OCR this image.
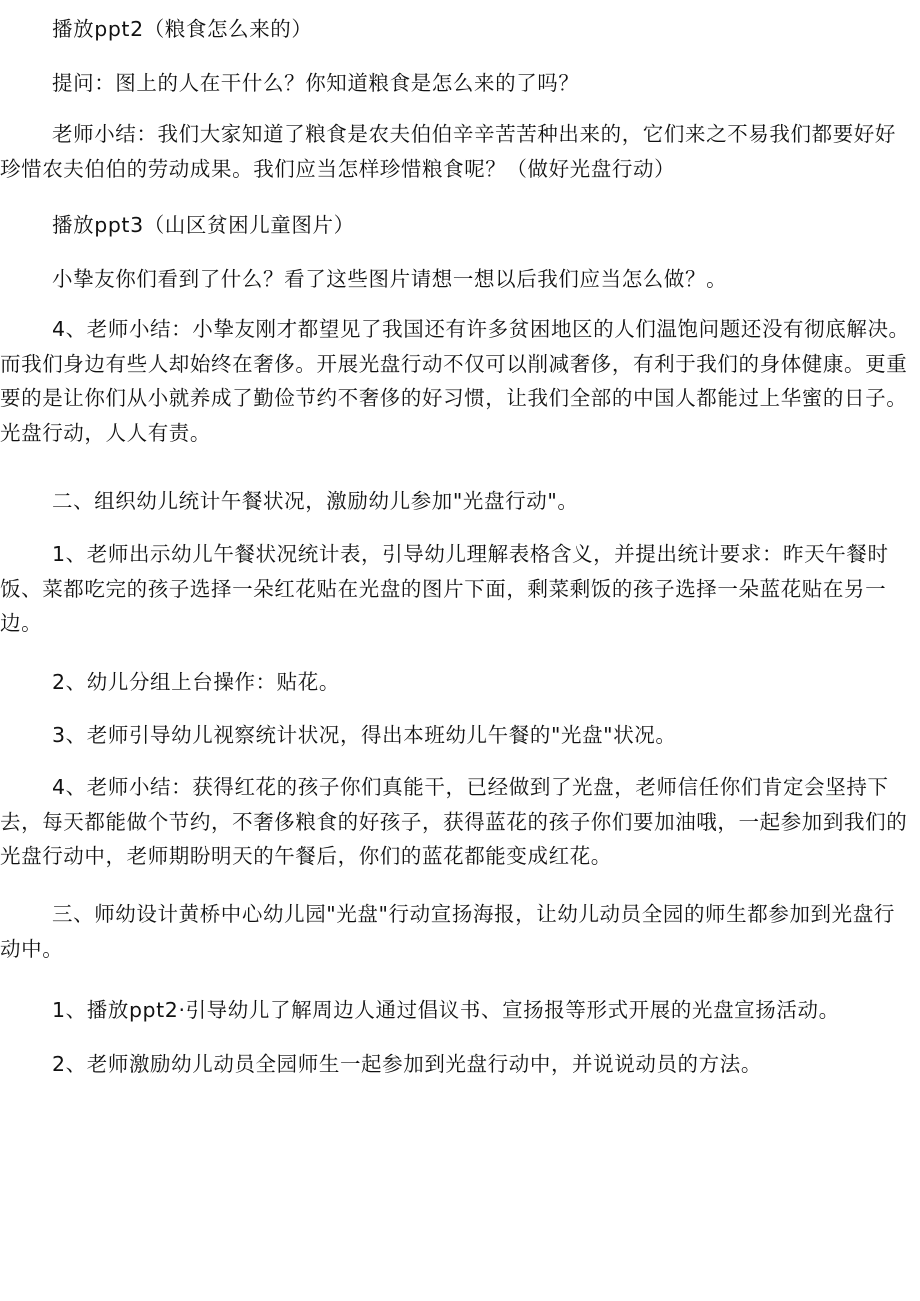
播放ppt2（粮食怎么来的）

提问：图上的人在干什么？你知道粮食是怎么来的了吗？

老师小结：我们大家知道了粮食是农夫伯伯辛辛苦苦种出来的，它们来之不易我们都要好好珍惜农夫伯伯的劳动成果。我们应当怎样珍惜粮食呢？（做好光盘行动）

播放ppt3（山区贫困儿童图片）

小挚友你们看到了什么？看了这些图片请想一想以后我们应当怎么做？。

4、老师小结：小挚友刚才都望见了我国还有许多贫困地区的人们温饱问题还没有彻底解决。而我们身边有些人却始终在奢侈。开展光盘行动不仅可以削减奢侈，有利于我们的身体健康。更重要的是让你们从小就养成了勤俭节约不奢侈的好习惯，让我们全部的中国人都能过上华蜜的日子。光盘行动，人人有责。

二、组织幼儿统计午餐状况，激励幼儿参加"光盘行动"。

1、老师出示幼儿午餐状况统计表，引导幼儿理解表格含义，并提出统计要求：昨天午餐时饭、菜都吃完的孩子选择一朵红花贴在光盘的图片下面，剩菜剩饭的孩子选择一朵蓝花贴在另一边。

2、幼儿分组上台操作：贴花。

3、老师引导幼儿视察统计状况，得出本班幼儿午餐的"光盘"状况。

4、老师小结：获得红花的孩子你们真能干，已经做到了光盘，老师信任你们肯定会坚持下去，每天都能做个节约，不奢侈粮食的好孩子，获得蓝花的孩子你们要加油哦，一起参加到我们的光盘行动中，老师期盼明天的午餐后，你们的蓝花都能变成红花。

三、师幼设计黄桥中心幼儿园"光盘"行动宣扬海报，让幼儿动员全园的师生都参加到光盘行动中。

1、播放ppt2·引导幼儿了解周边人通过倡议书、宣扬报等形式开展的光盘宣扬活动。

2、老师激励幼儿动员全园师生一起参加到光盘行动中，并说说动员的方法。
